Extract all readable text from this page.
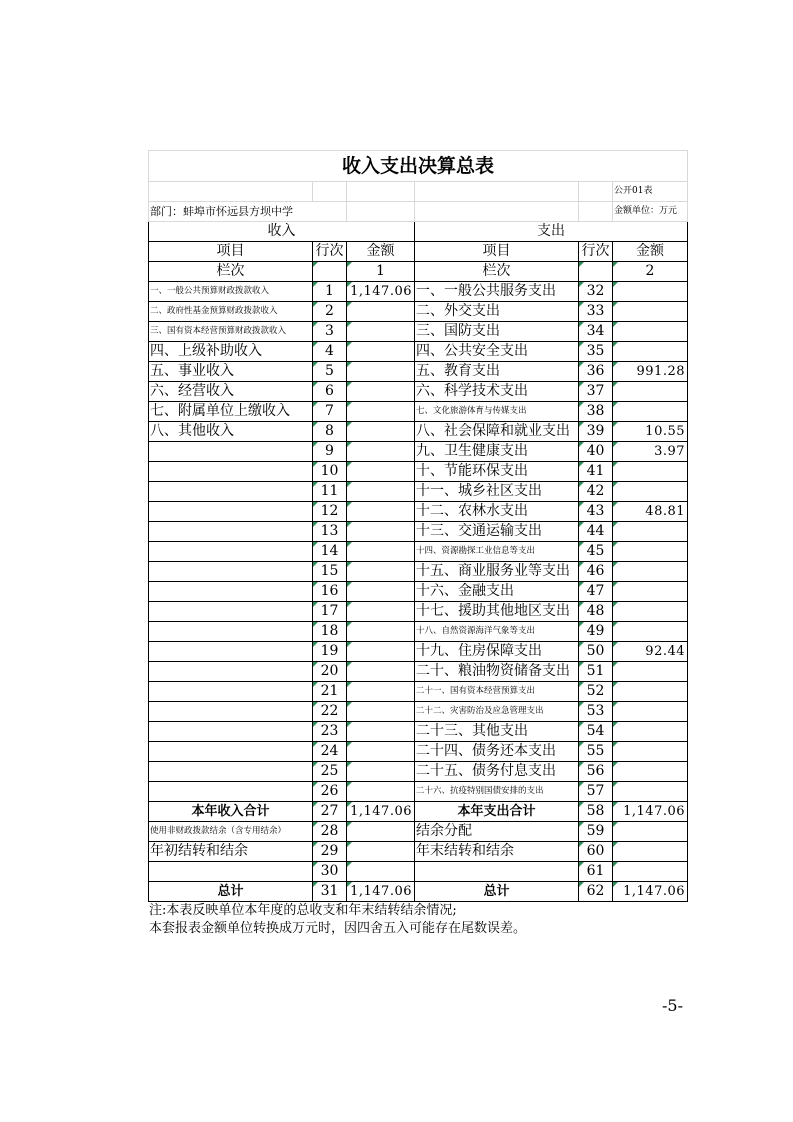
收入支出决算总表					
					公开01表
部门：蚌埠市怀远县方坝中学					金额单位：万元
收入			支出		
项目	行次	金额	项目	行次	金额
栏次		1	栏次		2
一、一般公共预算财政拨款收入	1	1,147.06	一、一般公共服务支出	32	
二、政府性基金预算财政拨款收入	2		二、外交支出	33	
三、国有资本经营预算财政拨款收入	3		三、国防支出	34	
四、上级补助收入	4		四、公共安全支出	35	
五、事业收入	5		五、教育支出	36	991.28
六、经营收入	6		六、科学技术支出	37	
七、附属单位上缴收入	7		七、文化旅游体育与传媒支出	38	
八、其他收入	8		八、社会保障和就业支出	39	10.55
	9		九、卫生健康支出	40	3.97
	10		十、节能环保支出	41	
	11		十一、城乡社区支出	42	
	12		十二、农林水支出	43	48.81
	13		十三、交通运输支出	44	
	14		十四、资源勘探工业信息等支出	45	
	15		十五、商业服务业等支出	46	
	16		十六、金融支出	47	
	17		十七、援助其他地区支出	48	
	18		十八、自然资源海洋气象等支出	49	
	19		十九、住房保障支出	50	92.44
	20		二十、粮油物资储备支出	51	
	21		二十一、国有资本经营预算支出	52	
	22		二十二、灾害防治及应急管理支出	53	
	23		二十三、其他支出	54	
	24		二十四、债务还本支出	55	
	25		二十五、债务付息支出	56	
	26		二十六、抗疫特别国债安排的支出	57	
本年收入合计	27	1,147.06	本年支出合计	58	1,147.06
使用非财政拨款结余（含专用结余）	28		结余分配	59	
年初结转和结余	29		年末结转和结余	60	
	30			61	
总计	31	1,147.06	总计	62	1,147.06
注:本表反映单位本年度的总收支和年末结转结余情况;
本套报表金额单位转换成万元时，因四舍五入可能存在尾数误差。
-5-
